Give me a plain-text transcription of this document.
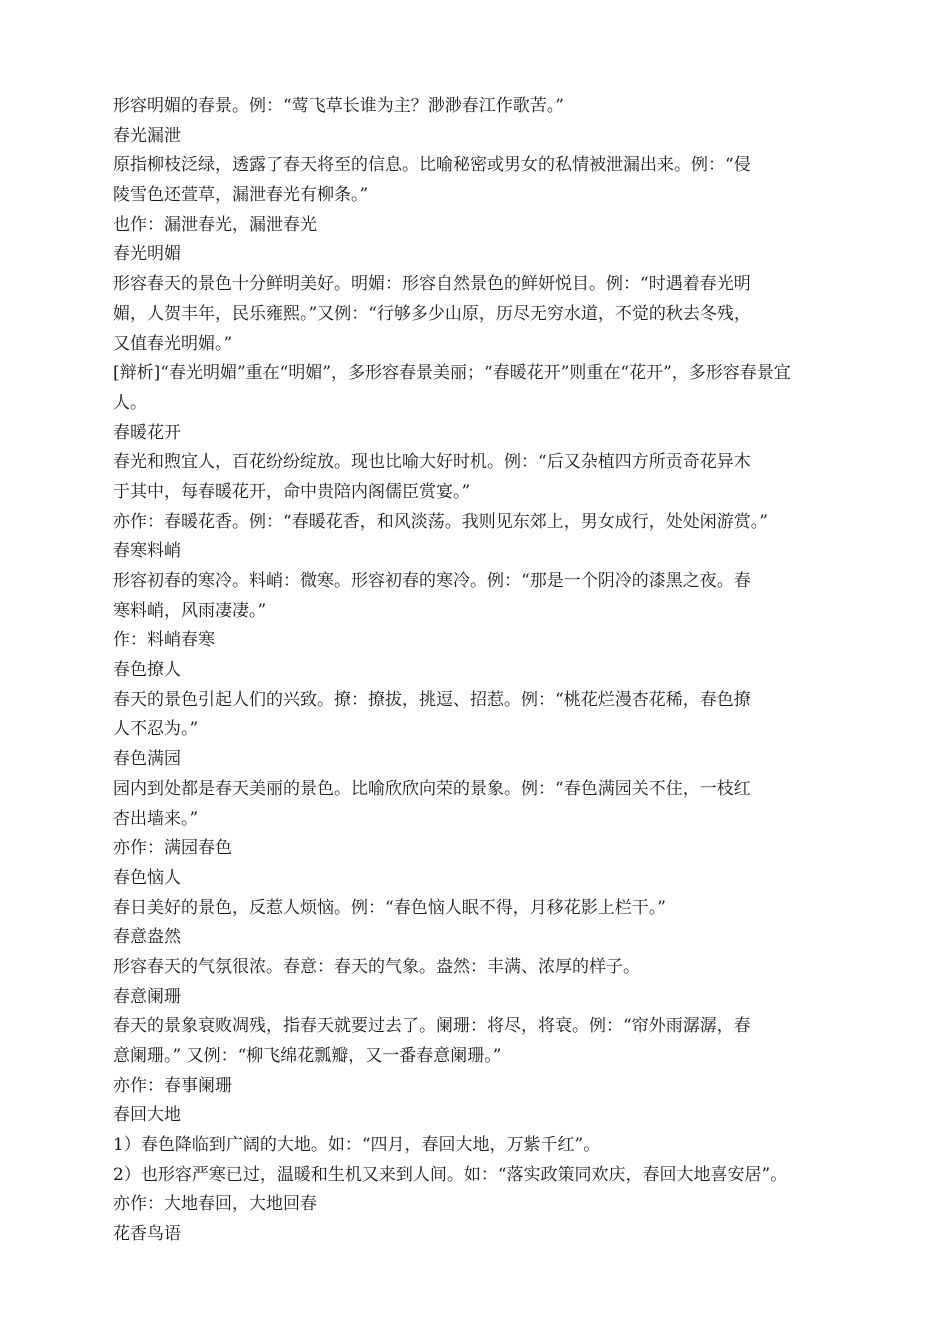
形容明媚的春景。例：“莺飞草长谁为主？渺渺春江作歌苦。”
春光漏泄
原指柳枝泛绿，透露了春天将至的信息。比喻秘密或男女的私情被泄漏出来。例：“侵
陵雪色还萱草，漏泄春光有柳条。”
也作：漏泄春光，漏泄春光
春光明媚
形容春天的景色十分鲜明美好。明媚：形容自然景色的鲜妍悦目。例：“时遇着春光明
媚，人贺丰年，民乐雍熙。”又例：“行够多少山原，历尽无穷水道，不觉的秋去冬残，
又值春光明媚。”
[辩析]“春光明媚”重在“明媚”，多形容春景美丽；“春暖花开”则重在“花开”，多形容春景宜
人。
春暖花开
春光和煦宜人，百花纷纷绽放。现也比喻大好时机。例：“后又杂植四方所贡奇花异木
于其中，每春暖花开，命中贵陪内阁儒臣赏宴。”
亦作：春暖花香。例：“春暖花香，和风淡荡。我则见东郊上，男女成行，处处闲游赏。”
春寒料峭
形容初春的寒冷。料峭：微寒。形容初春的寒冷。例：“那是一个阴冷的漆黑之夜。春
寒料峭，风雨凄凄。”
作：料峭春寒
春色撩人
春天的景色引起人们的兴致。撩：撩拔，挑逗、招惹。例：“桃花烂漫杏花稀，春色撩
人不忍为。”
春色满园
园内到处都是春天美丽的景色。比喻欣欣向荣的景象。例：“春色满园关不住，一枝红
杏出墙来。”
亦作：满园春色
春色恼人
春日美好的景色，反惹人烦恼。例：“春色恼人眠不得，月移花影上栏干。”
春意盎然
形容春天的气氛很浓。春意：春天的气象。盎然：丰满、浓厚的样子。
春意阑珊
春天的景象衰败凋残，指春天就要过去了。阑珊：将尽，将衰。例：“帘外雨潺潺，春
意阑珊。” 又例：“柳飞绵花瓢瓣，又一番春意阑珊。”
亦作：春事阑珊
春回大地
1）春色降临到广阔的大地。如：“四月，春回大地，万紫千红”。
2）也形容严寒已过，温暖和生机又来到人间。如：“落实政策同欢庆，春回大地喜安居”。
亦作：大地春回，大地回春
花香鸟语
